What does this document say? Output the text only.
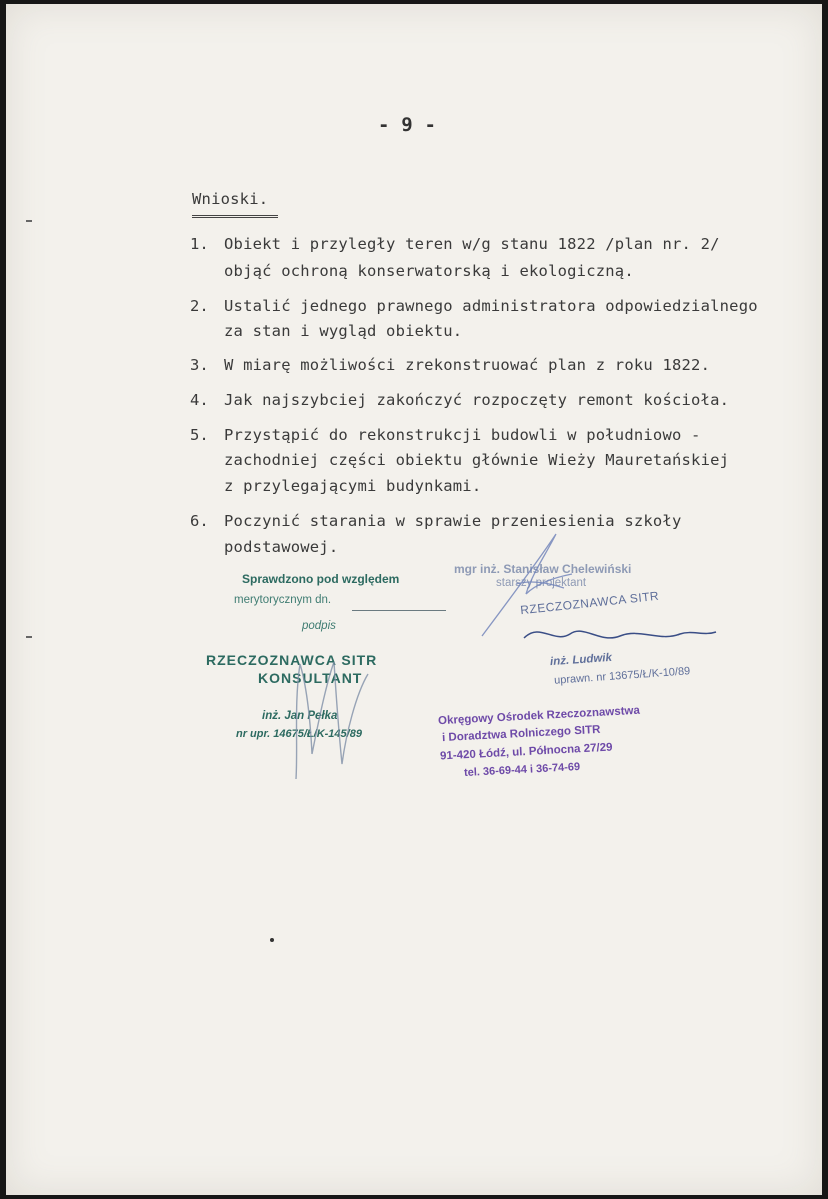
- 9 -
Wnioski.
1. Obiekt i przyległy teren w/g stanu 1822 /plan nr. 2/
objąć ochroną konserwatorską i ekologiczną.
2. Ustalić jednego prawnego administratora odpowiedzialnego
za stan i wygląd obiektu.
3. W miarę możliwości zrekonstruować plan z roku 1822.
4. Jak najszybciej zakończyć rozpoczęty remont kościoła.
5. Przystąpić do rekonstrukcji budowli w południowo -
zachodniej części obiektu głównie Wieży Mauretańskiej
z przylegającymi budynkami.
6. Poczynić starania w sprawie przeniesienia szkoły
podstawowej.
Sprawdzono pod względem
merytorycznym dn.
podpis
RZECZOZNAWCA SITR
KONSULTANT
inż. Jan Pełka
nr upr. 14675/Ł/K-145/89
mgr inż. Stanisław Chelewiński
starszy projektant
RZECZOZNAWCA SITR
inż. Ludwik
uprawn. nr 13675/Ł/K-10/89
Okręgowy Ośrodek Rzeczoznawstwa
i Doradztwa Rolniczego SITR
91-420 Łódź, ul. Północna 27/29
tel. 36-69-44 i 36-74-69
